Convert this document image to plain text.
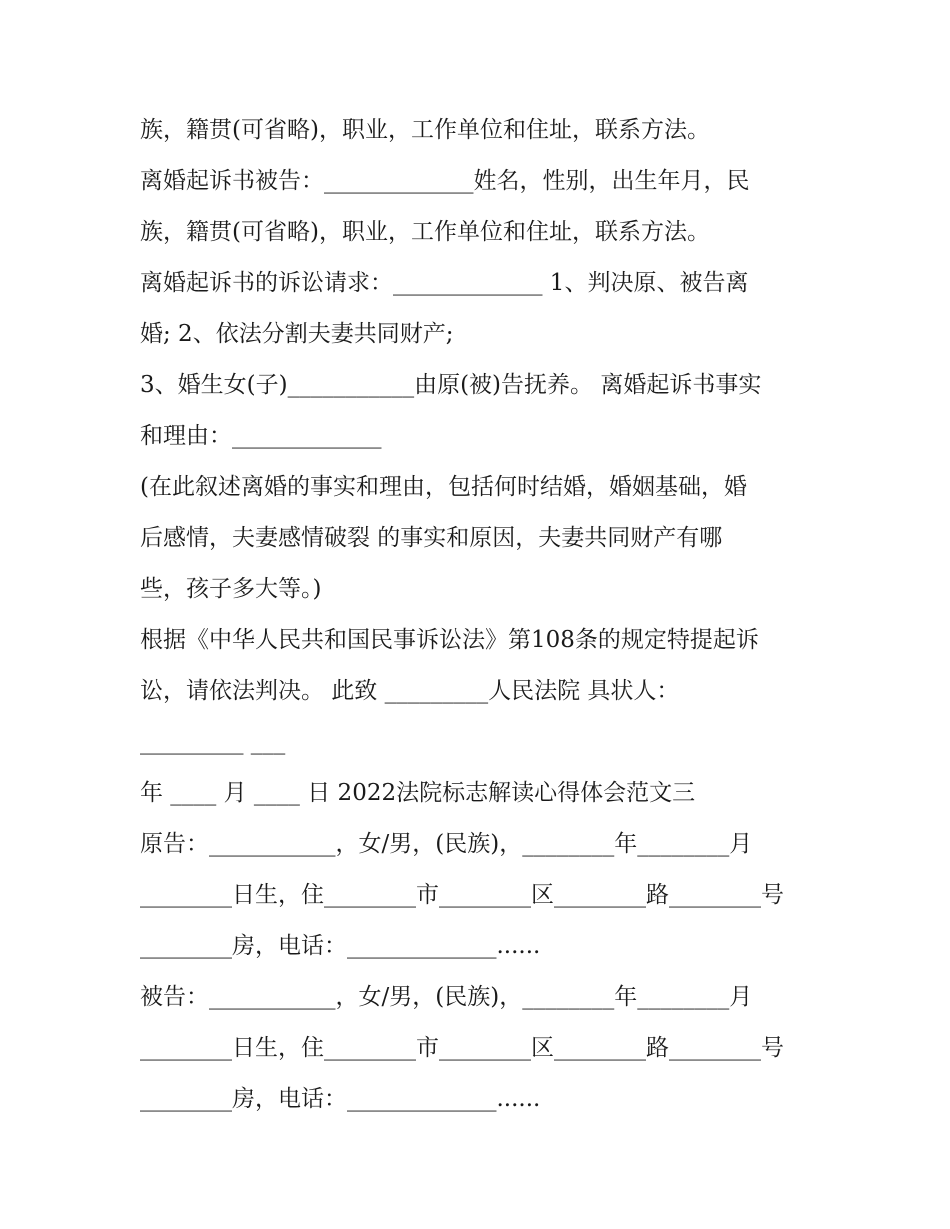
族，籍贯(可省略)，职业，工作单位和住址，联系方法。
离婚起诉书被告：_____________姓名，性别，出生年月，民
族，籍贯(可省略)，职业，工作单位和住址，联系方法。
离婚起诉书的诉讼请求：_____________ 1、判决原、被告离
婚; 2、依法分割夫妻共同财产;
3、婚生女(子)___________由原(被)告抚养。 离婚起诉书事实
和理由：_____________
(在此叙述离婚的事实和理由，包括何时结婚，婚姻基础，婚
后感情，夫妻感情破裂 的事实和原因，夫妻共同财产有哪
些，孩子多大等。)
根据《中华人民共和国民事诉讼法》第108条的规定特提起诉
讼，请依法判决。 此致 _________人民法院 具状人：
_________ ___
年 ____ 月 ____ 日 2022法院标志解读心得体会范文三
原告：___________，女/男，(民族)，________年________月
________日生，住________市________区________路________号
________房，电话：_____________......
被告：___________，女/男，(民族)，________年________月
________日生，住________市________区________路________号
________房，电话：_____________......
